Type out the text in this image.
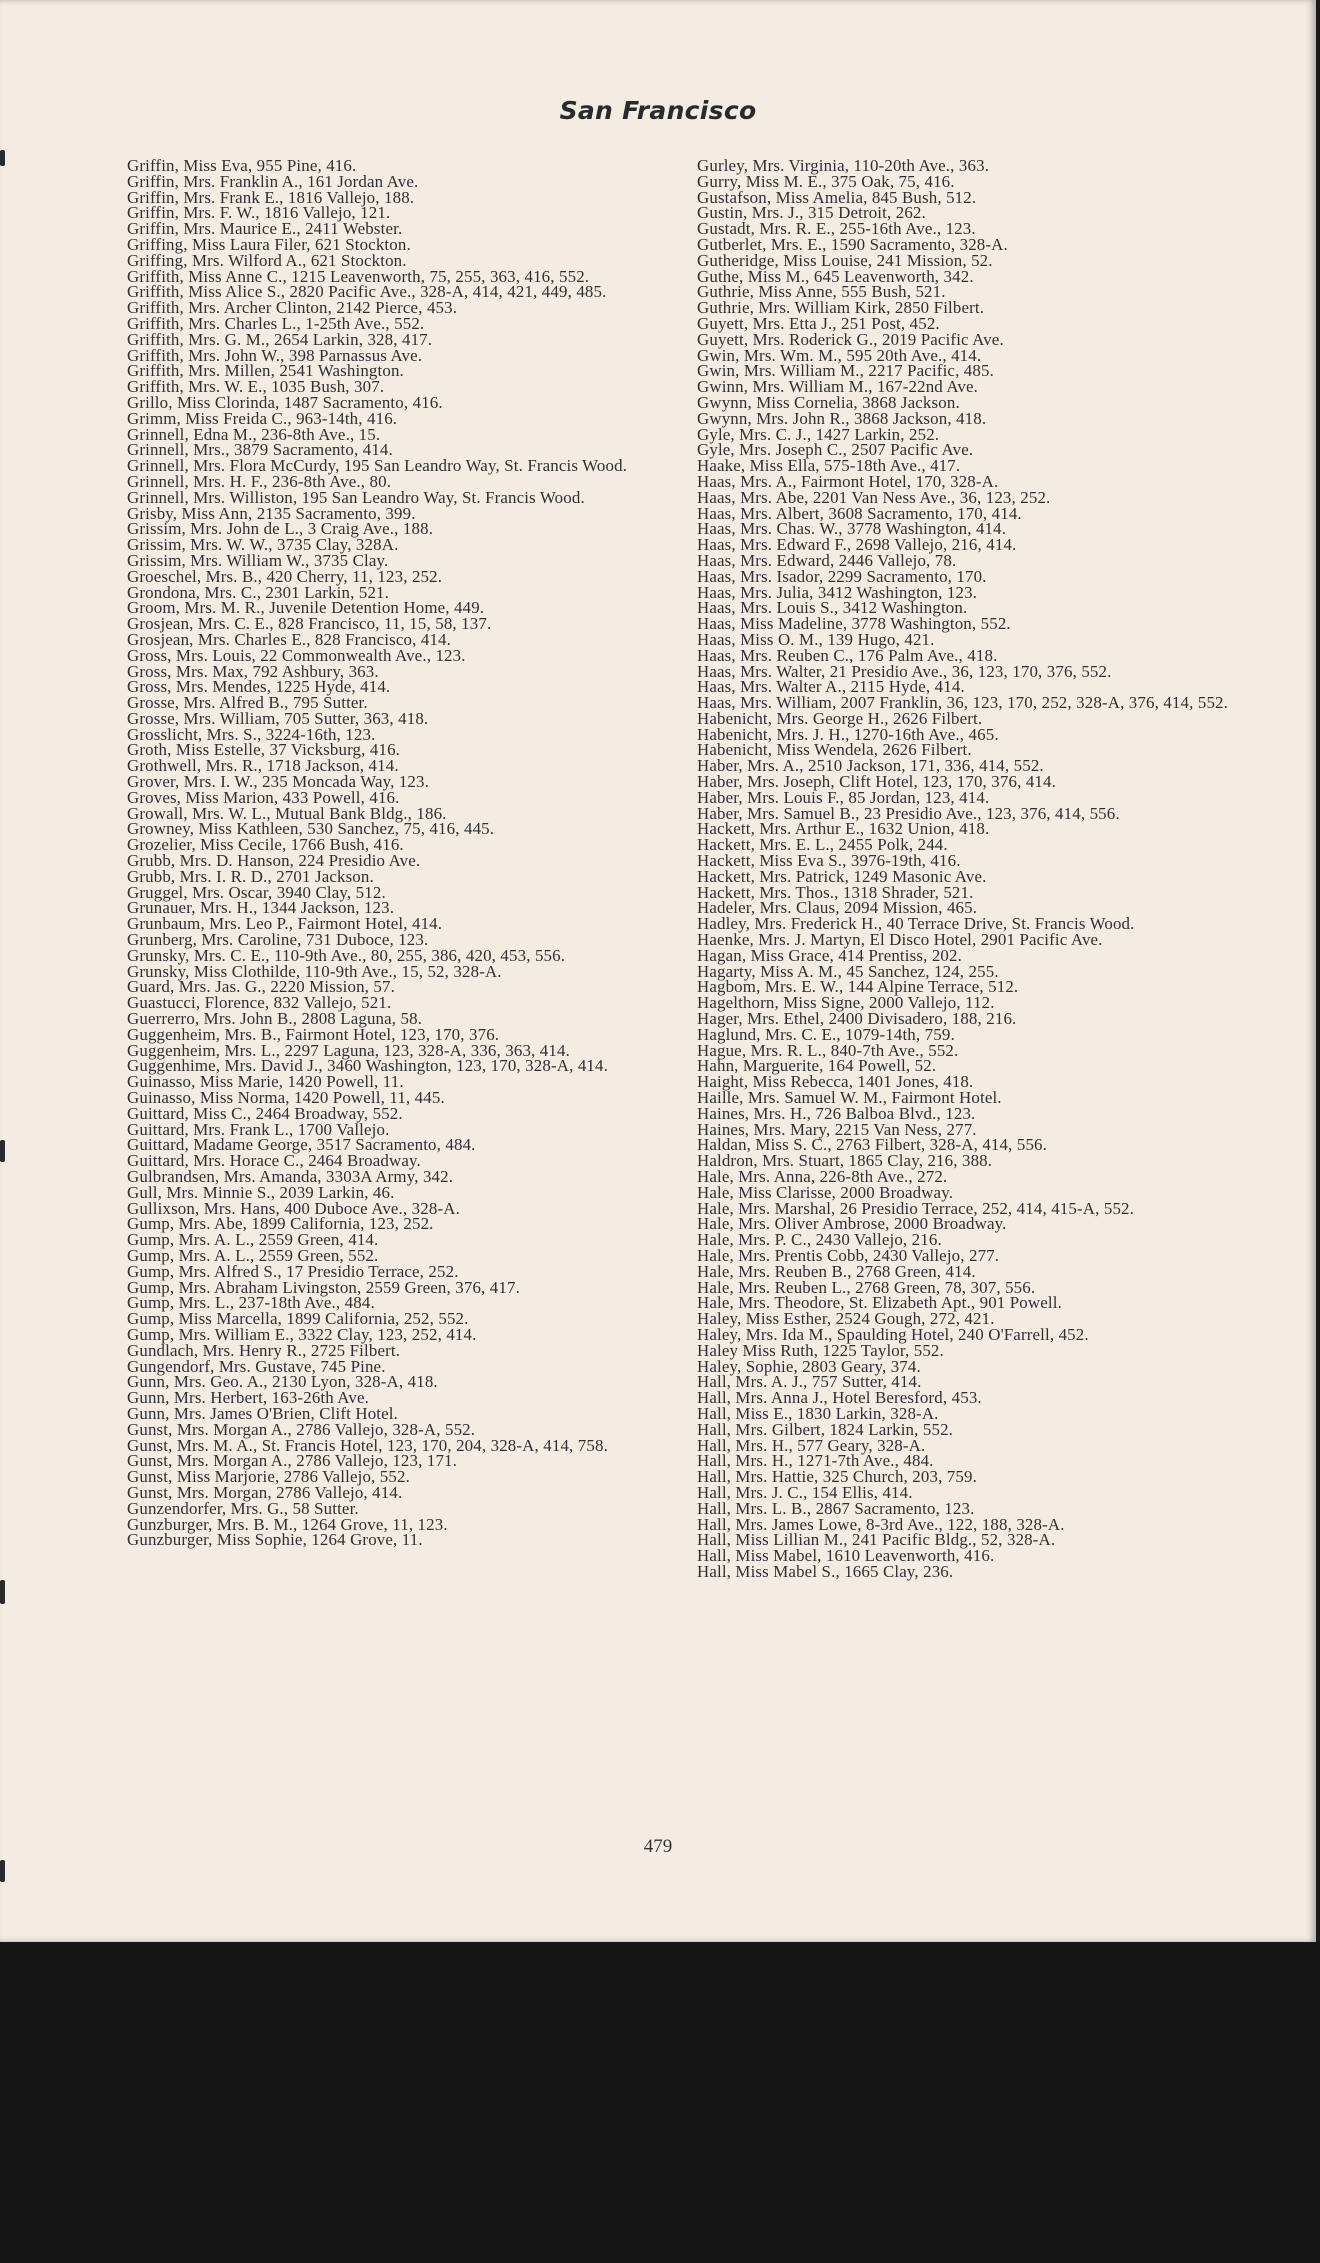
San Francisco
Griffin, Miss Eva, 955 Pine, 416.
Griffin, Mrs. Franklin A., 161 Jordan Ave.
Griffin, Mrs. Frank E., 1816 Vallejo, 188.
Griffin, Mrs. F. W., 1816 Vallejo, 121.
Griffin, Mrs. Maurice E., 2411 Webster.
Griffing, Miss Laura Filer, 621 Stockton.
Griffing, Mrs. Wilford A., 621 Stockton.
Griffith, Miss Anne C., 1215 Leavenworth, 75, 255, 363, 416, 552.
Griffith, Miss Alice S., 2820 Pacific Ave., 328-A, 414, 421, 449, 485.
Griffith, Mrs. Archer Clinton, 2142 Pierce, 453.
Griffith, Mrs. Charles L., 1-25th Ave., 552.
Griffith, Mrs. G. M., 2654 Larkin, 328, 417.
Griffith, Mrs. John W., 398 Parnassus Ave.
Griffith, Mrs. Millen, 2541 Washington.
Griffith, Mrs. W. E., 1035 Bush, 307.
Grillo, Miss Clorinda, 1487 Sacramento, 416.
Grimm, Miss Freida C., 963-14th, 416.
Grinnell, Edna M., 236-8th Ave., 15.
Grinnell, Mrs., 3879 Sacramento, 414.
Grinnell, Mrs. Flora McCurdy, 195 San Leandro Way, St. Francis Wood.
Grinnell, Mrs. H. F., 236-8th Ave., 80.
Grinnell, Mrs. Williston, 195 San Leandro Way, St. Francis Wood.
Grisby, Miss Ann, 2135 Sacramento, 399.
Grissim, Mrs. John de L., 3 Craig Ave., 188.
Grissim, Mrs. W. W., 3735 Clay, 328A.
Grissim, Mrs. William W., 3735 Clay.
Groeschel, Mrs. B., 420 Cherry, 11, 123, 252.
Grondona, Mrs. C., 2301 Larkin, 521.
Groom, Mrs. M. R., Juvenile Detention Home, 449.
Grosjean, Mrs. C. E., 828 Francisco, 11, 15, 58, 137.
Grosjean, Mrs. Charles E., 828 Francisco, 414.
Gross, Mrs. Louis, 22 Commonwealth Ave., 123.
Gross, Mrs. Max, 792 Ashbury, 363.
Gross, Mrs. Mendes, 1225 Hyde, 414.
Grosse, Mrs. Alfred B., 795 Sutter.
Grosse, Mrs. William, 705 Sutter, 363, 418.
Grosslicht, Mrs. S., 3224-16th, 123.
Groth, Miss Estelle, 37 Vicksburg, 416.
Grothwell, Mrs. R., 1718 Jackson, 414.
Grover, Mrs. I. W., 235 Moncada Way, 123.
Groves, Miss Marion, 433 Powell, 416.
Growall, Mrs. W. L., Mutual Bank Bldg., 186.
Growney, Miss Kathleen, 530 Sanchez, 75, 416, 445.
Grozelier, Miss Cecile, 1766 Bush, 416.
Grubb, Mrs. D. Hanson, 224 Presidio Ave.
Grubb, Mrs. I. R. D., 2701 Jackson.
Gruggel, Mrs. Oscar, 3940 Clay, 512.
Grunauer, Mrs. H., 1344 Jackson, 123.
Grunbaum, Mrs. Leo P., Fairmont Hotel, 414.
Grunberg, Mrs. Caroline, 731 Duboce, 123.
Grunsky, Mrs. C. E., 110-9th Ave., 80, 255, 386, 420, 453, 556.
Grunsky, Miss Clothilde, 110-9th Ave., 15, 52, 328-A.
Guard, Mrs. Jas. G., 2220 Mission, 57.
Guastucci, Florence, 832 Vallejo, 521.
Guerrerro, Mrs. John B., 2808 Laguna, 58.
Guggenheim, Mrs. B., Fairmont Hotel, 123, 170, 376.
Guggenheim, Mrs. L., 2297 Laguna, 123, 328-A, 336, 363, 414.
Guggenhime, Mrs. David J., 3460 Washington, 123, 170, 328-A, 414.
Guinasso, Miss Marie, 1420 Powell, 11.
Guinasso, Miss Norma, 1420 Powell, 11, 445.
Guittard, Miss C., 2464 Broadway, 552.
Guittard, Mrs. Frank L., 1700 Vallejo.
Guittard, Madame George, 3517 Sacramento, 484.
Guittard, Mrs. Horace C., 2464 Broadway.
Gulbrandsen, Mrs. Amanda, 3303A Army, 342.
Gull, Mrs. Minnie S., 2039 Larkin, 46.
Gullixson, Mrs. Hans, 400 Duboce Ave., 328-A.
Gump, Mrs. Abe, 1899 California, 123, 252.
Gump, Mrs. A. L., 2559 Green, 414.
Gump, Mrs. A. L., 2559 Green, 552.
Gump, Mrs. Alfred S., 17 Presidio Terrace, 252.
Gump, Mrs. Abraham Livingston, 2559 Green, 376, 417.
Gump, Mrs. L., 237-18th Ave., 484.
Gump, Miss Marcella, 1899 California, 252, 552.
Gump, Mrs. William E., 3322 Clay, 123, 252, 414.
Gundlach, Mrs. Henry R., 2725 Filbert.
Gungendorf, Mrs. Gustave, 745 Pine.
Gunn, Mrs. Geo. A., 2130 Lyon, 328-A, 418.
Gunn, Mrs. Herbert, 163-26th Ave.
Gunn, Mrs. James O'Brien, Clift Hotel.
Gunst, Mrs. Morgan A., 2786 Vallejo, 328-A, 552.
Gunst, Mrs. M. A., St. Francis Hotel, 123, 170, 204, 328-A, 414, 758.
Gunst, Mrs. Morgan A., 2786 Vallejo, 123, 171.
Gunst, Miss Marjorie, 2786 Vallejo, 552.
Gunst, Mrs. Morgan, 2786 Vallejo, 414.
Gunzendorfer, Mrs. G., 58 Sutter.
Gunzburger, Mrs. B. M., 1264 Grove, 11, 123.
Gunzburger, Miss Sophie, 1264 Grove, 11.
Gurley, Mrs. Virginia, 110-20th Ave., 363.
Gurry, Miss M. E., 375 Oak, 75, 416.
Gustafson, Miss Amelia, 845 Bush, 512.
Gustin, Mrs. J., 315 Detroit, 262.
Gustadt, Mrs. R. E., 255-16th Ave., 123.
Gutberlet, Mrs. E., 1590 Sacramento, 328-A.
Gutheridge, Miss Louise, 241 Mission, 52.
Guthe, Miss M., 645 Leavenworth, 342.
Guthrie, Miss Anne, 555 Bush, 521.
Guthrie, Mrs. William Kirk, 2850 Filbert.
Guyett, Mrs. Etta J., 251 Post, 452.
Guyett, Mrs. Roderick G., 2019 Pacific Ave.
Gwin, Mrs. Wm. M., 595 20th Ave., 414.
Gwin, Mrs. William M., 2217 Pacific, 485.
Gwinn, Mrs. William M., 167-22nd Ave.
Gwynn, Miss Cornelia, 3868 Jackson.
Gwynn, Mrs. John R., 3868 Jackson, 418.
Gyle, Mrs. C. J., 1427 Larkin, 252.
Gyle, Mrs. Joseph C., 2507 Pacific Ave.
Haake, Miss Ella, 575-18th Ave., 417.
Haas, Mrs. A., Fairmont Hotel, 170, 328-A.
Haas, Mrs. Abe, 2201 Van Ness Ave., 36, 123, 252.
Haas, Mrs. Albert, 3608 Sacramento, 170, 414.
Haas, Mrs. Chas. W., 3778 Washington, 414.
Haas, Mrs. Edward F., 2698 Vallejo, 216, 414.
Haas, Mrs. Edward, 2446 Vallejo, 78.
Haas, Mrs. Isador, 2299 Sacramento, 170.
Haas, Mrs. Julia, 3412 Washington, 123.
Haas, Mrs. Louis S., 3412 Washington.
Haas, Miss Madeline, 3778 Washington, 552.
Haas, Miss O. M., 139 Hugo, 421.
Haas, Mrs. Reuben C., 176 Palm Ave., 418.
Haas, Mrs. Walter, 21 Presidio Ave., 36, 123, 170, 376, 552.
Haas, Mrs. Walter A., 2115 Hyde, 414.
Haas, Mrs. William, 2007 Franklin, 36, 123, 170, 252, 328-A, 376, 414, 552.
Habenicht, Mrs. George H., 2626 Filbert.
Habenicht, Mrs. J. H., 1270-16th Ave., 465.
Habenicht, Miss Wendela, 2626 Filbert.
Haber, Mrs. A., 2510 Jackson, 171, 336, 414, 552.
Haber, Mrs. Joseph, Clift Hotel, 123, 170, 376, 414.
Haber, Mrs. Louis F., 85 Jordan, 123, 414.
Haber, Mrs. Samuel B., 23 Presidio Ave., 123, 376, 414, 556.
Hackett, Mrs. Arthur E., 1632 Union, 418.
Hackett, Mrs. E. L., 2455 Polk, 244.
Hackett, Miss Eva S., 3976-19th, 416.
Hackett, Mrs. Patrick, 1249 Masonic Ave.
Hackett, Mrs. Thos., 1318 Shrader, 521.
Hadeler, Mrs. Claus, 2094 Mission, 465.
Hadley, Mrs. Frederick H., 40 Terrace Drive, St. Francis Wood.
Haenke, Mrs. J. Martyn, El Disco Hotel, 2901 Pacific Ave.
Hagan, Miss Grace, 414 Prentiss, 202.
Hagarty, Miss A. M., 45 Sanchez, 124, 255.
Hagbom, Mrs. E. W., 144 Alpine Terrace, 512.
Hagelthorn, Miss Signe, 2000 Vallejo, 112.
Hager, Mrs. Ethel, 2400 Divisadero, 188, 216.
Haglund, Mrs. C. E., 1079-14th, 759.
Hague, Mrs. R. L., 840-7th Ave., 552.
Hahn, Marguerite, 164 Powell, 52.
Haight, Miss Rebecca, 1401 Jones, 418.
Haille, Mrs. Samuel W. M., Fairmont Hotel.
Haines, Mrs. H., 726 Balboa Blvd., 123.
Haines, Mrs. Mary, 2215 Van Ness, 277.
Haldan, Miss S. C., 2763 Filbert, 328-A, 414, 556.
Haldron, Mrs. Stuart, 1865 Clay, 216, 388.
Hale, Mrs. Anna, 226-8th Ave., 272.
Hale, Miss Clarisse, 2000 Broadway.
Hale, Mrs. Marshal, 26 Presidio Terrace, 252, 414, 415-A, 552.
Hale, Mrs. Oliver Ambrose, 2000 Broadway.
Hale, Mrs. P. C., 2430 Vallejo, 216.
Hale, Mrs. Prentis Cobb, 2430 Vallejo, 277.
Hale, Mrs. Reuben B., 2768 Green, 414.
Hale, Mrs. Reuben L., 2768 Green, 78, 307, 556.
Hale, Mrs. Theodore, St. Elizabeth Apt., 901 Powell.
Haley, Miss Esther, 2524 Gough, 272, 421.
Haley, Mrs. Ida M., Spaulding Hotel, 240 O'Farrell, 452.
Haley Miss Ruth, 1225 Taylor, 552.
Haley, Sophie, 2803 Geary, 374.
Hall, Mrs. A. J., 757 Sutter, 414.
Hall, Mrs. Anna J., Hotel Beresford, 453.
Hall, Miss E., 1830 Larkin, 328-A.
Hall, Mrs. Gilbert, 1824 Larkin, 552.
Hall, Mrs. H., 577 Geary, 328-A.
Hall, Mrs. H., 1271-7th Ave., 484.
Hall, Mrs. Hattie, 325 Church, 203, 759.
Hall, Mrs. J. C., 154 Ellis, 414.
Hall, Mrs. L. B., 2867 Sacramento, 123.
Hall, Mrs. James Lowe, 8-3rd Ave., 122, 188, 328-A.
Hall, Miss Lillian M., 241 Pacific Bldg., 52, 328-A.
Hall, Miss Mabel, 1610 Leavenworth, 416.
Hall, Miss Mabel S., 1665 Clay, 236.
479
